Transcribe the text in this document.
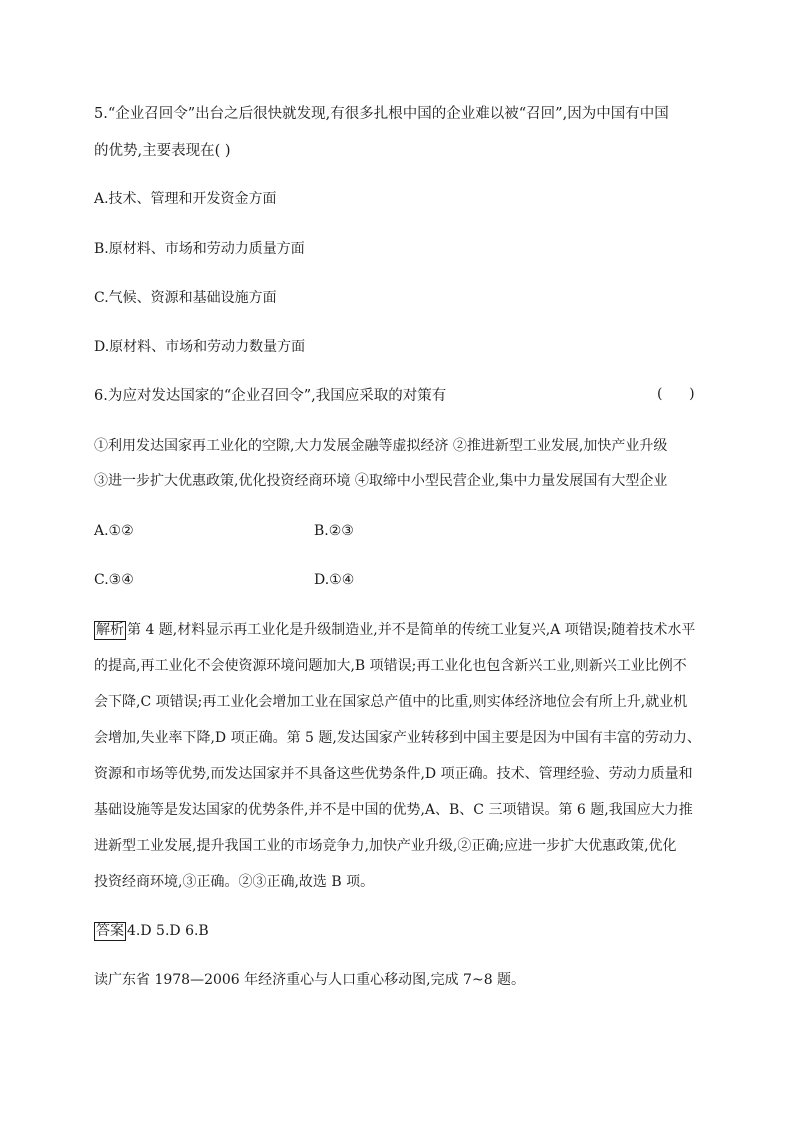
5.“企业召回令”出台之后很快就发现,有很多扎根中国的企业难以被“召回”,因为中国有中国
的优势,主要表现在( )
A.技术、管理和开发资金方面
B.原材料、市场和劳动力质量方面
C.气候、资源和基础设施方面
D.原材料、市场和劳动力数量方面
6.为应对发达国家的“企业召回令”,我国应采取的对策有	(      )
①利用发达国家再工业化的空隙,大力发展金融等虚拟经济 ②推进新型工业发展,加快产业升级
③进一步扩大优惠政策,优化投资经商环境 ④取缔中小型民营企业,集中力量发展国有大型企业
A.①②	B.②③
C.③④	D.①④
解析 第 4 题,材料显示再工业化是升级制造业,并不是简单的传统工业复兴,A 项错误;随着技术水平
的提高,再工业化不会使资源环境问题加大,B 项错误;再工业化也包含新兴工业,则新兴工业比例不
会下降,C 项错误;再工业化会增加工业在国家总产值中的比重,则实体经济地位会有所上升,就业机
会增加,失业率下降,D 项正确。第 5 题,发达国家产业转移到中国主要是因为中国有丰富的劳动力、
资源和市场等优势,而发达国家并不具备这些优势条件,D 项正确。技术、管理经验、劳动力质量和
基础设施等是发达国家的优势条件,并不是中国的优势,A、B、C 三项错误。第 6 题,我国应大力推
进新型工业发展,提升我国工业的市场竞争力,加快产业升级,②正确;应进一步扩大优惠政策,优化
投资经商环境,③正确。②③正确,故选 B 项。
答案 4.D 5.D 6.B
读广东省 1978—2006 年经济重心与人口重心移动图,完成 7~8 题。
